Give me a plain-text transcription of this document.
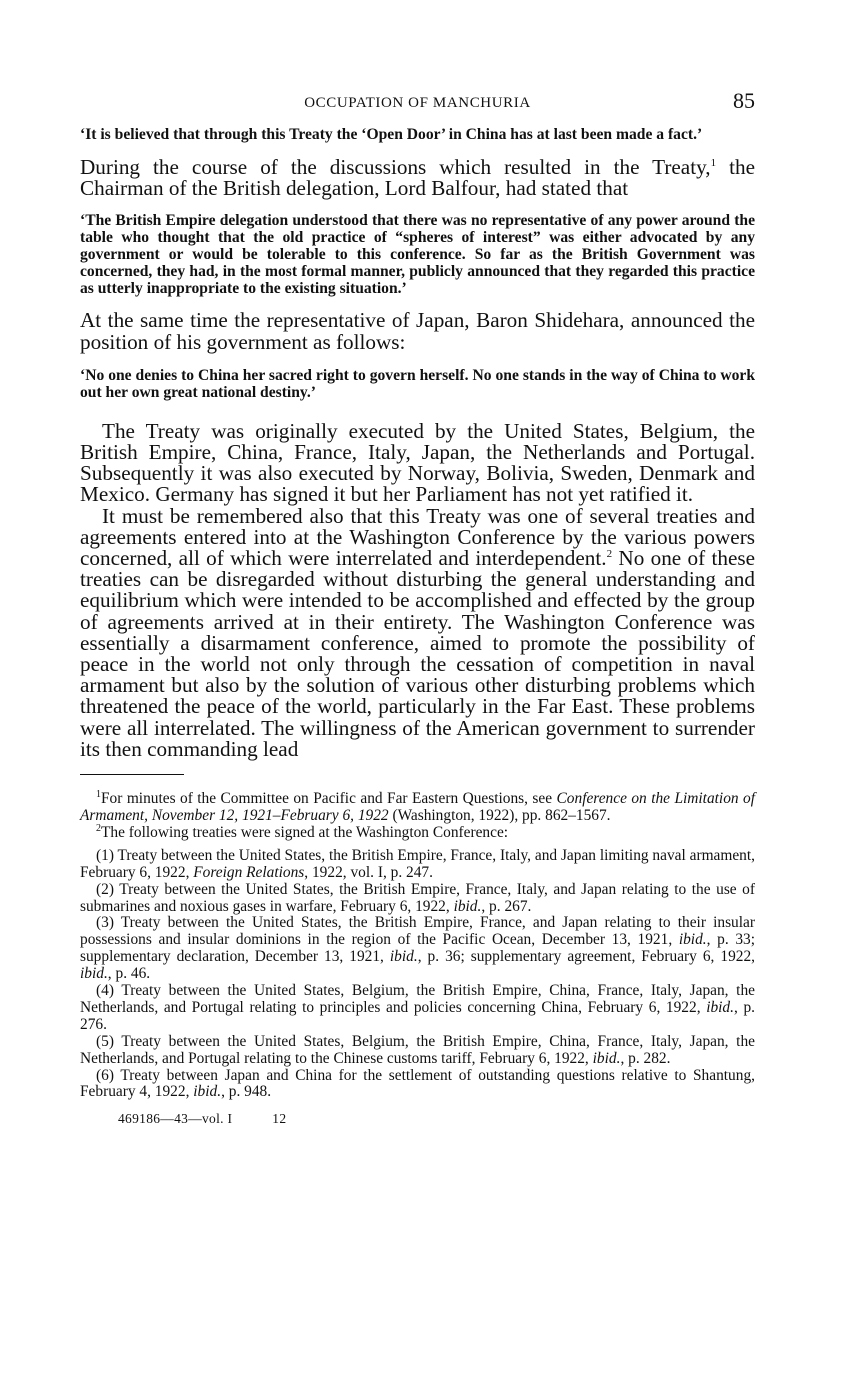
OCCUPATION OF MANCHURIA	85

‘It is believed that through this Treaty the ‘Open Door’ in China has at last been made a fact.’

During the course of the discussions which resulted in the Treaty,$^1$ the Chairman of the British delegation, Lord Balfour, had stated that

‘The British Empire delegation understood that there was no representative of any power around the table who thought that the old practice of “spheres of interest” was either advocated by any government or would be tolerable to this conference. So far as the British Government was concerned, they had, in the most formal manner, publicly announced that they regarded this practice as utterly inappropriate to the existing situation.’

At the same time the representative of Japan, Baron Shidehara, announced the position of his government as follows:

‘No one denies to China her sacred right to govern herself. No one stands in the way of China to work out her own great national destiny.’

The Treaty was originally executed by the United States, Belgium, the British Empire, China, France, Italy, Japan, the Netherlands and Portugal. Subsequently it was also executed by Norway, Bolivia, Sweden, Denmark and Mexico. Germany has signed it but her Parliament has not yet ratified it.

It must be remembered also that this Treaty was one of several treaties and agreements entered into at the Washington Conference by the various powers concerned, all of which were interrelated and interdependent.$^2$ No one of these treaties can be disregarded without disturbing the general understanding and equilibrium which were intended to be accomplished and effected by the group of agreements arrived at in their entirety. The Washington Conference was essentially a disarmament conference, aimed to promote the possibility of peace in the world not only through the cessation of competition in naval armament but also by the solution of various other disturbing problems which threatened the peace of the world, particularly in the Far East. These problems were all interrelated. The willingness of the American government to surrender its then commanding lead

$^1$For minutes of the Committee on Pacific and Far Eastern Questions, see Conference on the Limitation of Armament, November 12, 1921–February 6, 1922 (Washington, 1922), pp. 862–1567.

$^2$The following treaties were signed at the Washington Conference:

(1) Treaty between the United States, the British Empire, France, Italy, and Japan limiting naval armament, February 6, 1922, Foreign Relations, 1922, vol. I, p. 247.

(2) Treaty between the United States, the British Empire, France, Italy, and Japan relating to the use of submarines and noxious gases in warfare, February 6, 1922, ibid., p. 267.

(3) Treaty between the United States, the British Empire, France, and Japan relating to their insular possessions and insular dominions in the region of the Pacific Ocean, December 13, 1921, ibid., p. 33; supplementary declaration, December 13, 1921, ibid., p. 36; supplementary agreement, February 6, 1922, ibid., p. 46.

(4) Treaty between the United States, Belgium, the British Empire, China, France, Italy, Japan, the Netherlands, and Portugal relating to principles and policies concerning China, February 6, 1922, ibid., p. 276.

(5) Treaty between the United States, Belgium, the British Empire, China, France, Italy, Japan, the Netherlands, and Portugal relating to the Chinese customs tariff, February 6, 1922, ibid., p. 282.

(6) Treaty between Japan and China for the settlement of outstanding questions relative to Shantung, February 4, 1922, ibid., p. 948.

469186—43—vol. I	12
